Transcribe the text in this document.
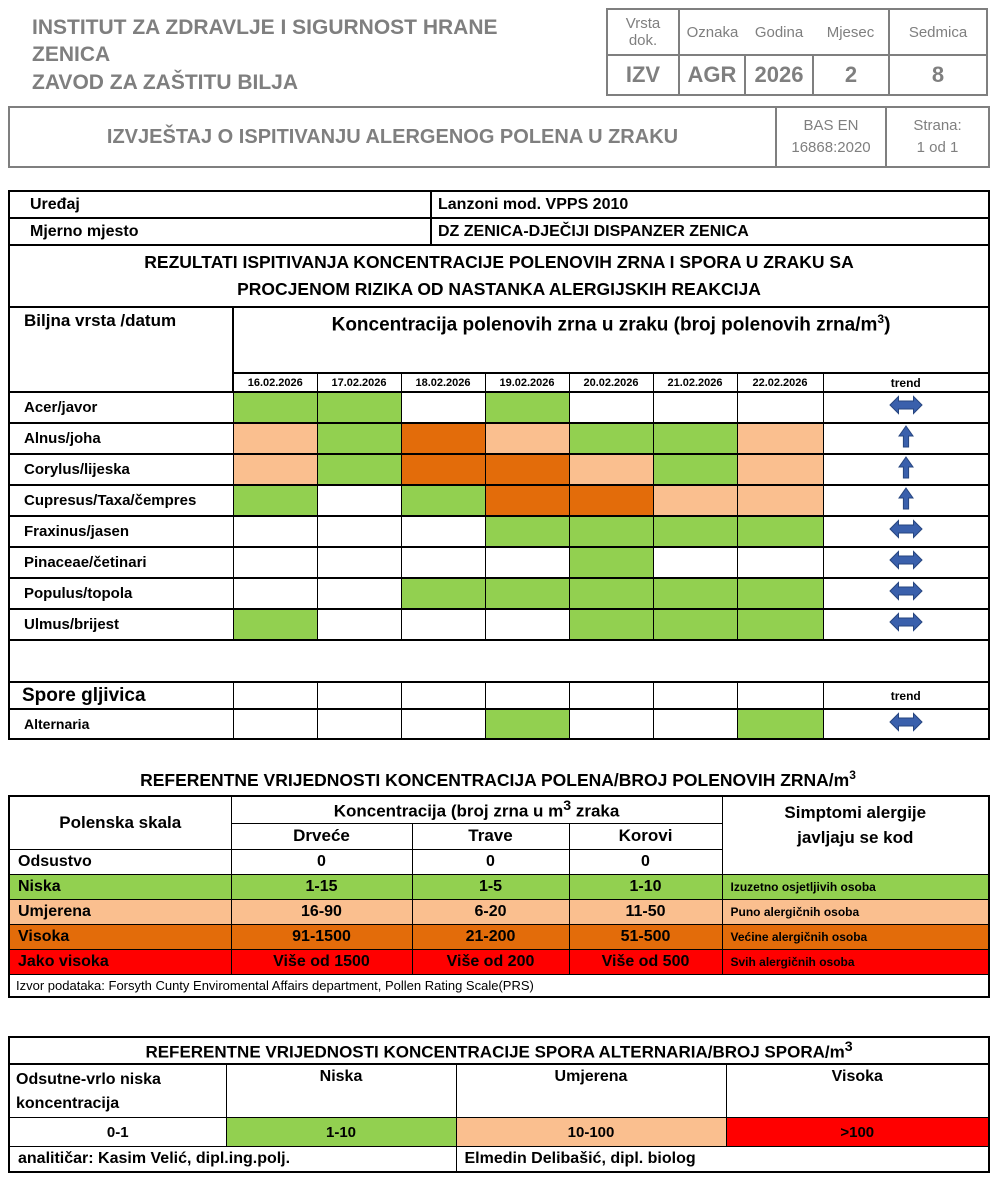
INSTITUT ZA ZDRAVLJE I SIGURNOST HRANE
ZENICA
ZAVOD ZA ZAŠTITU BILJA
Vrsta dok.	Oznaka	Godina	Mjesec	Sedmica
IZV	AGR	2026	2	8
IZVJEŠTAJ O ISPITIVANJU ALERGENOG POLENA U ZRAKU	BAS EN
16868:2020	Strana:
1 od 1
Uređaj	Lanzoni mod. VPPS 2010
Mjerno mjesto	DZ ZENICA-DJEČIJI DISPANZER ZENICA
REZULTATI ISPITIVANJA KONCENTRACIJE POLENOVIH ZRNA I SPORA U ZRAKU SA
PROCJENOM RIZIKA OD NASTANKA ALERGIJSKIH REAKCIJA								
Biljna vrsta /datum	Koncentracija polenovih zrna u zraku (broj polenovih zrna/$m^3$)							
	16.02.2026	17.02.2026	18.02.2026	19.02.2026	20.02.2026	21.02.2026	22.02.2026	trend
Acer/javor								
Alnus/joha								
Corylus/lijeska								
Cupresus/Taxa/čempres								
Fraxinus/jasen								
Pinaceae/četinari								
Populus/topola								
Ulmus/brijest								

Spore gljivica								trend
Alternaria								
REFERENTNE VRIJEDNOSTI KONCENTRACIJA POLENA/BROJ POLENOVIH ZRNA/$m^3$
Polenska skala	Koncentracija (broj zrna u $m^3$ zraka			Simptomi alergije
javljaju se kod
	Drveće	Trave	Korovi	
Odsustvo	0	0	0	
Niska	1-15	1-5	1-10	Izuzetno osjetljivih osoba
Umjerena	16-90	6-20	11-50	Puno alergičnih osoba
Visoka	91-1500	21-200	51-500	Većine alergičnih osoba
Jako visoka	Više od 1500	Više od 200	Više od 500	Svih alergičnih osoba
Izvor podataka: Forsyth Cunty Enviromental Affairs department, Pollen Rating Scale(PRS)				
REFERENTNE VRIJEDNOSTI KONCENTRACIJE SPORA ALTERNARIA/BROJ SPORA/$m^3$
Odsutne-vrlo niska koncentracija	Niska	Umjerena	Visoka
0-1	1-10	10-100	>100
analitičar: Kasim Velić, dipl.ing.polj.		Elmedin Delibašić, dipl. biolog	
